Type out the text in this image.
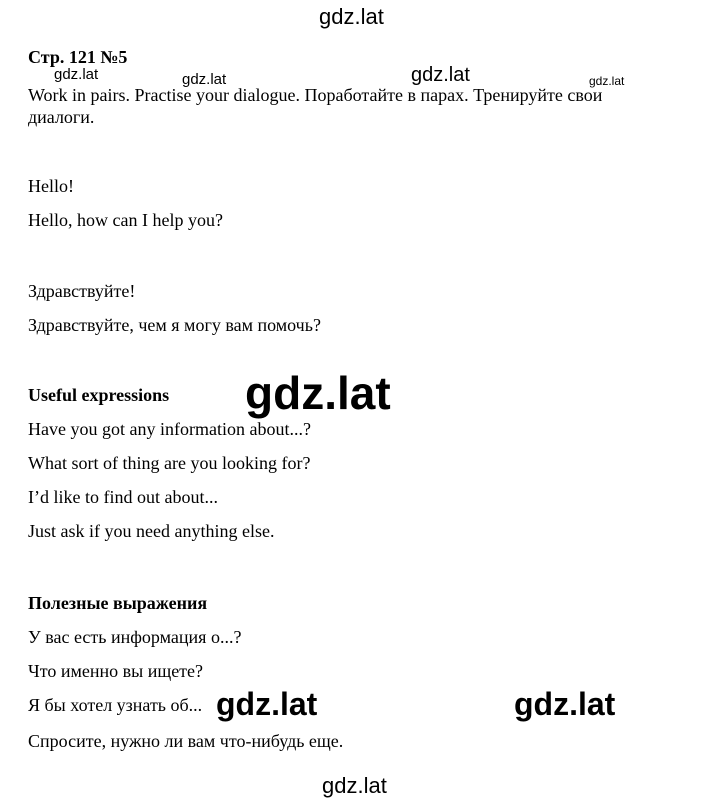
gdz.lat
gdz.lat	gdz.lat	gdz.lat	gdz.lat
gdz.lat
gdz.lat	gdz.lat
gdz.lat
Стр. 121 №5
Work in pairs. Practise your dialogue. Поработайте в парах. Тренируйте свои диалоги.
Hello!
Hello, how can I help you?
Здравствуйте!
Здравствуйте, чем я могу вам помочь?
Useful expressions
Have you got any information about...?
What sort of thing are you looking for?
I’d like to find out about...
Just ask if you need anything else.
Полезные выражения
У вас есть информация о...?
Что именно вы ищете?
Я бы хотел узнать об...
Спросите, нужно ли вам что-нибудь еще.
